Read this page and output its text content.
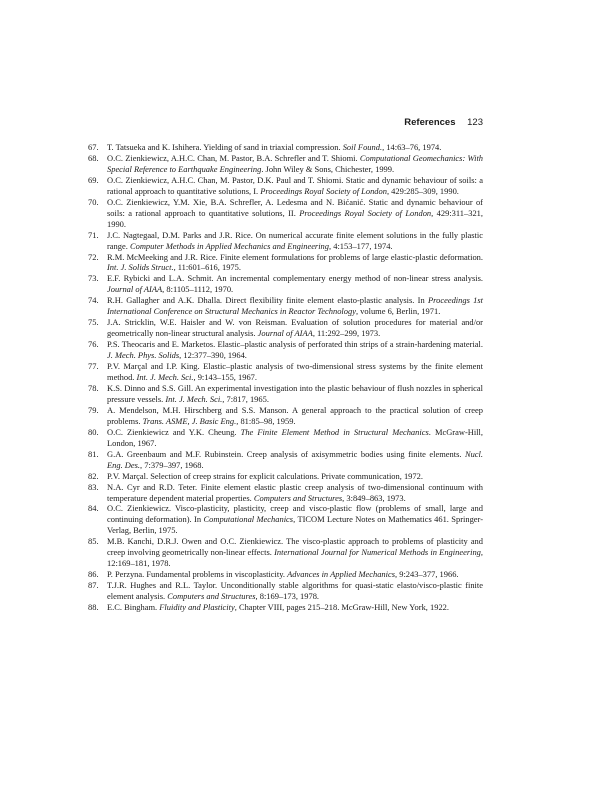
References 123
67. T. Tatsueka and K. Ishihera. Yielding of sand in triaxial compression. Soil Found., 14:63–76, 1974.
68. O.C. Zienkiewicz, A.H.C. Chan, M. Pastor, B.A. Schrefler and T. Shiomi. Computational Geomechanics: With Special Reference to Earthquake Engineering. John Wiley & Sons, Chichester, 1999.
69. O.C. Zienkiewicz, A.H.C. Chan, M. Pastor, D.K. Paul and T. Shiomi. Static and dynamic behaviour of soils: a rational approach to quantitative solutions, I. Proceedings Royal Society of London, 429:285–309, 1990.
70. O.C. Zienkiewicz, Y.M. Xie, B.A. Schrefler, A. Ledesma and N. Bićanić. Static and dynamic behaviour of soils: a rational approach to quantitative solutions, II. Proceedings Royal Society of London, 429:311–321, 1990.
71. J.C. Nagtegaal, D.M. Parks and J.R. Rice. On numerical accurate finite element solutions in the fully plastic range. Computer Methods in Applied Mechanics and Engineering, 4:153–177, 1974.
72. R.M. McMeeking and J.R. Rice. Finite element formulations for problems of large elastic-plastic deformation. Int. J. Solids Struct., 11:601–616, 1975.
73. E.F. Rybicki and L.A. Schmit. An incremental complementary energy method of non-linear stress analysis. Journal of AIAA, 8:1105–1112, 1970.
74. R.H. Gallagher and A.K. Dhalla. Direct flexibility finite element elasto-plastic analysis. In Proceedings 1st International Conference on Structural Mechanics in Reactor Technology, volume 6, Berlin, 1971.
75. J.A. Stricklin, W.E. Haisler and W. von Reisman. Evaluation of solution procedures for material and/or geometrically non-linear structural analysis. Journal of AIAA, 11:292–299, 1973.
76. P.S. Theocaris and E. Marketos. Elastic–plastic analysis of perforated thin strips of a strain-hardening material. J. Mech. Phys. Solids, 12:377–390, 1964.
77. P.V. Marçal and I.P. King. Elastic–plastic analysis of two-dimensional stress systems by the finite element method. Int. J. Mech. Sci., 9:143–155, 1967.
78. K.S. Dinno and S.S. Gill. An experimental investigation into the plastic behaviour of flush nozzles in spherical pressure vessels. Int. J. Mech. Sci., 7:817, 1965.
79. A. Mendelson, M.H. Hirschberg and S.S. Manson. A general approach to the practical solution of creep problems. Trans. ASME, J. Basic Eng., 81:85–98, 1959.
80. O.C. Zienkiewicz and Y.K. Cheung. The Finite Element Method in Structural Mechanics. McGraw-Hill, London, 1967.
81. G.A. Greenbaum and M.F. Rubinstein. Creep analysis of axisymmetric bodies using finite elements. Nucl. Eng. Des., 7:379–397, 1968.
82. P.V. Marçal. Selection of creep strains for explicit calculations. Private communication, 1972.
83. N.A. Cyr and R.D. Teter. Finite element elastic plastic creep analysis of two-dimensional continuum with temperature dependent material properties. Computers and Structures, 3:849–863, 1973.
84. O.C. Zienkiewicz. Visco-plasticity, plasticity, creep and visco-plastic flow (problems of small, large and continuing deformation). In Computational Mechanics, TICOM Lecture Notes on Mathematics 461. Springer-Verlag, Berlin, 1975.
85. M.B. Kanchi, D.R.J. Owen and O.C. Zienkiewicz. The visco-plastic approach to problems of plasticity and creep involving geometrically non-linear effects. International Journal for Numerical Methods in Engineering, 12:169–181, 1978.
86. P. Perzyna. Fundamental problems in viscoplasticity. Advances in Applied Mechanics, 9:243–377, 1966.
87. T.J.R. Hughes and R.L. Taylor. Unconditionally stable algorithms for quasi-static elasto/visco-plastic finite element analysis. Computers and Structures, 8:169–173, 1978.
88. E.C. Bingham. Fluidity and Plasticity, Chapter VIII, pages 215–218. McGraw-Hill, New York, 1922.
